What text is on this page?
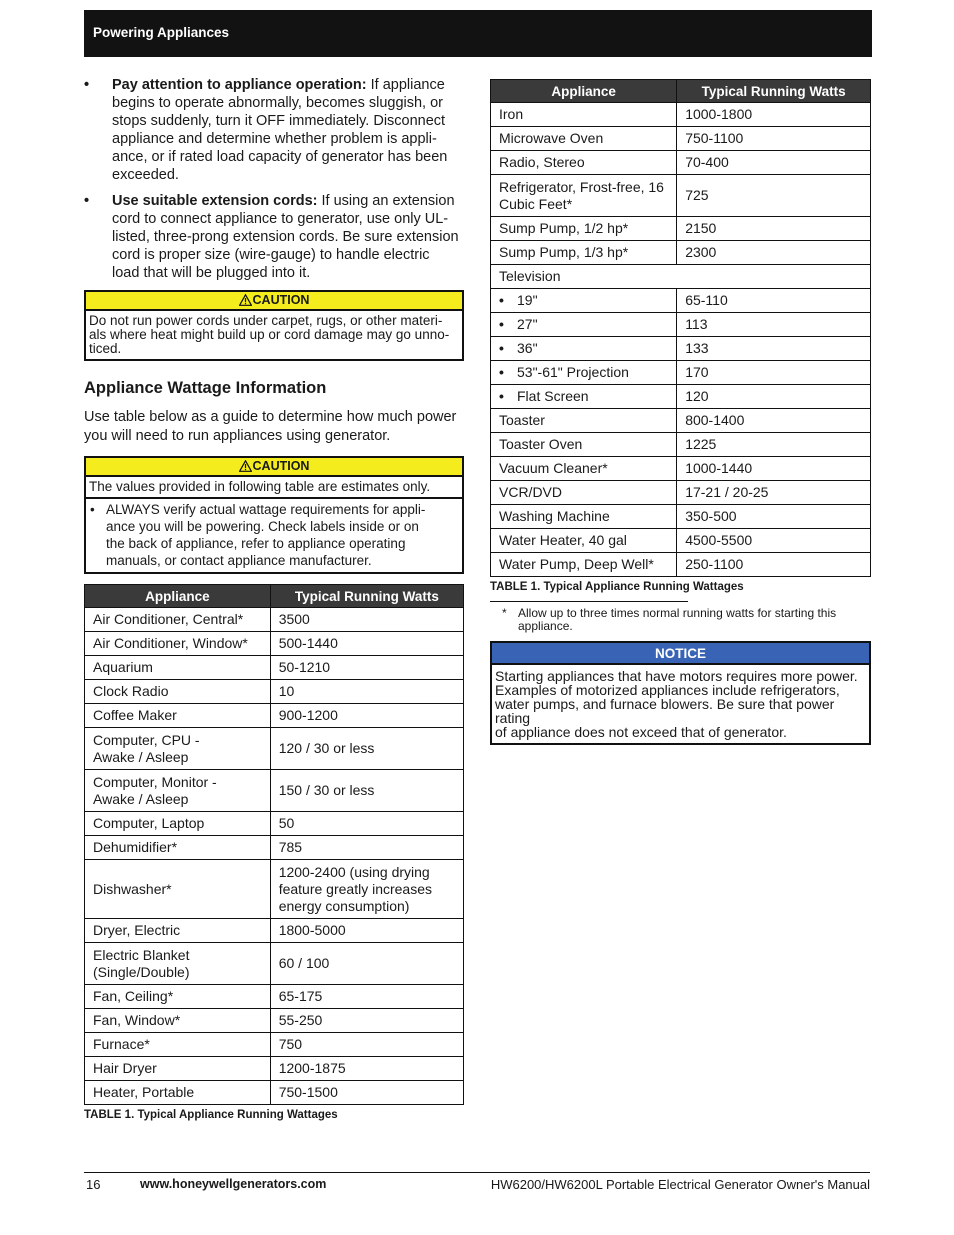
Powering Appliances
• Pay attention to appliance operation: If appliance
begins to operate abnormally, becomes sluggish, or
stops suddenly, turn it OFF immediately. Disconnect
appliance and determine whether problem is appli-
ance, or if rated load capacity of generator has been
exceeded.
• Use suitable extension cords: If using an extension
cord to connect appliance to generator, use only UL-
listed, three-prong extension cords. Be sure extension
cord is proper size (wire-gauge) to handle electric
load that will be plugged into it.
CAUTION
Do not run power cords under carpet, rugs, or other materi-
als where heat might build up or cord damage may go unno-
ticed.
Appliance Wattage Information
Use table below as a guide to determine how much power
you will need to run appliances using generator.
CAUTION
The values provided in following table are estimates only.
• ALWAYS verify actual wattage requirements for appli-
ance you will be powering. Check labels inside or on
the back of appliance, refer to appliance operating
manuals, or contact appliance manufacturer.
Appliance	Typical Running Watts
Air Conditioner, Central*	3500
Air Conditioner, Window*	500-1440
Aquarium	50-1210
Clock Radio	10
Coffee Maker	900-1200
Computer, CPU -
Awake / Asleep	120 / 30 or less
Computer, Monitor -
Awake / Asleep	150 / 30 or less
Computer, Laptop	50
Dehumidifier*	785
Dishwasher*	1200-2400 (using drying
feature greatly increases
energy consumption)
Dryer, Electric	1800-5000
Electric Blanket
(Single/Double)	60 / 100
Fan, Ceiling*	65-175
Fan, Window*	55-250
Furnace*	750
Hair Dryer	1200-1875
Heater, Portable	750-1500
TABLE 1. Typical Appliance Running Wattages
Appliance	Typical Running Watts
Iron	1000-1800
Microwave Oven	750-1100
Radio, Stereo	70-400
Refrigerator, Frost-free, 16
Cubic Feet*	725
Sump Pump, 1/2 hp*	2150
Sump Pump, 1/3 hp*	2300
Television	
• 19"	65-110
• 27"	113
• 36"	133
• 53"-61" Projection	170
• Flat Screen	120
Toaster	800-1400
Toaster Oven	1225
Vacuum Cleaner*	1000-1440
VCR/DVD	17-21 / 20-25
Washing Machine	350-500
Water Heater, 40 gal	4500-5500
Water Pump, Deep Well*	250-1100
TABLE 1. Typical Appliance Running Wattages
* Allow up to three times normal running watts for starting this
appliance.
NOTICE
Starting appliances that have motors requires more power.
Examples of motorized appliances include refrigerators,
water pumps, and furnace blowers. Be sure that power rating
of appliance does not exceed that of generator.
16	www.honeywellgenerators.com	HW6200/HW6200L Portable Electrical Generator Owner's Manual
